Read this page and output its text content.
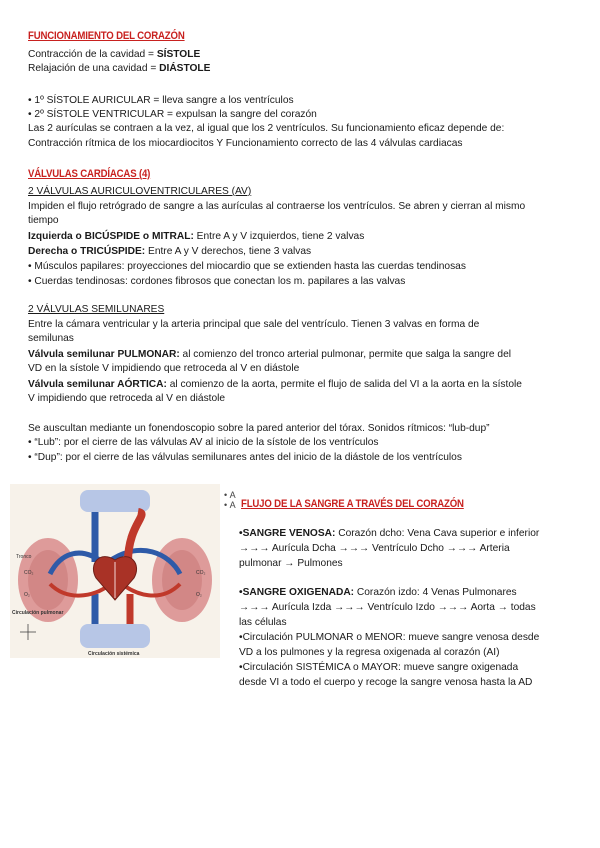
FUNCIONAMIENTO DEL CORAZÓN
Contracción de la cavidad = SÍSTOLE
Relajación de una cavidad = DIÁSTOLE
• 1º SÍSTOLE AURICULAR = lleva sangre a los ventrículos
• 2º SÍSTOLE VENTRICULAR = expulsan la sangre del corazón
Las 2 aurículas se contraen a la vez, al igual que los 2 ventrículos. Su funcionamiento eficaz depende de:
Contracción rítmica de los miocardiocitos Y Funcionamiento correcto de las 4 válvulas cardiacas
VÁLVULAS CARDÍACAS (4)
2 VÁLVULAS AURICULOVENTRICULARES (AV)
Impiden el flujo retrógrado de sangre a las aurículas al contraerse los ventrículos. Se abren y cierran al mismo
tiempo
Izquierda o BICÚSPIDE o MITRAL: Entre A y V izquierdos, tiene 2 valvas
Derecha o TRICÚSPIDE: Entre A y V derechos, tiene 3 valvas
• Músculos papilares: proyecciones del miocardio que se extienden hasta las cuerdas tendinosas
• Cuerdas tendinosas: cordones fibrosos que conectan los m. papilares a las valvas
2 VÁLVULAS SEMILUNARES
Entre la cámara ventricular y la arteria principal que sale del ventrículo. Tienen 3 valvas en forma de
semilunas
Válvula semilunar PULMONAR: al comienzo del tronco arterial pulmonar, permite que salga la sangre del
VD en la sístole V impidiendo que retroceda al V en diástole
Válvula semilunar AÓRTICA: al comienzo de la aorta, permite el flujo de salida del VI a la aorta en la sístole
V impidiendo que retroceda al V en diástole
Se auscultan mediante un fonendoscopio sobre la pared anterior del tórax. Sonidos rítmicos: “lub-dup”
• “Lub”: por el cierre de las válvulas AV al inicio de la sístole de los ventrículos
• “Dup”: por el cierre de las válvulas semilunares antes del inicio de la diástole de los ventrículos
Tronco
CO₂
O₂
CO₂
O₂
Circulación pulmonar
Circulación sistémica
• A
• A FLUJO DE LA SANGRE A TRAVÉS DEL CORAZÓN
•SANGRE VENOSA: Corazón dcho: Vena Cava superior e inferior
→→→ Aurícula Dcha →→→ Ventrículo Dcho →→→ Arteria
pulmonar → Pulmones
•SANGRE OXIGENADA: Corazón izdo: 4 Venas Pulmonares
→→→ Aurícula Izda →→→ Ventrículo Izdo →→→ Aorta → todas
las células
•Circulación PULMONAR o MENOR: mueve sangre venosa desde
VD a los pulmones y la regresa oxigenada al corazón (AI)
•Circulación SISTÉMICA o MAYOR: mueve sangre oxigenada
desde VI a todo el cuerpo y recoge la sangre venosa hasta la AD
